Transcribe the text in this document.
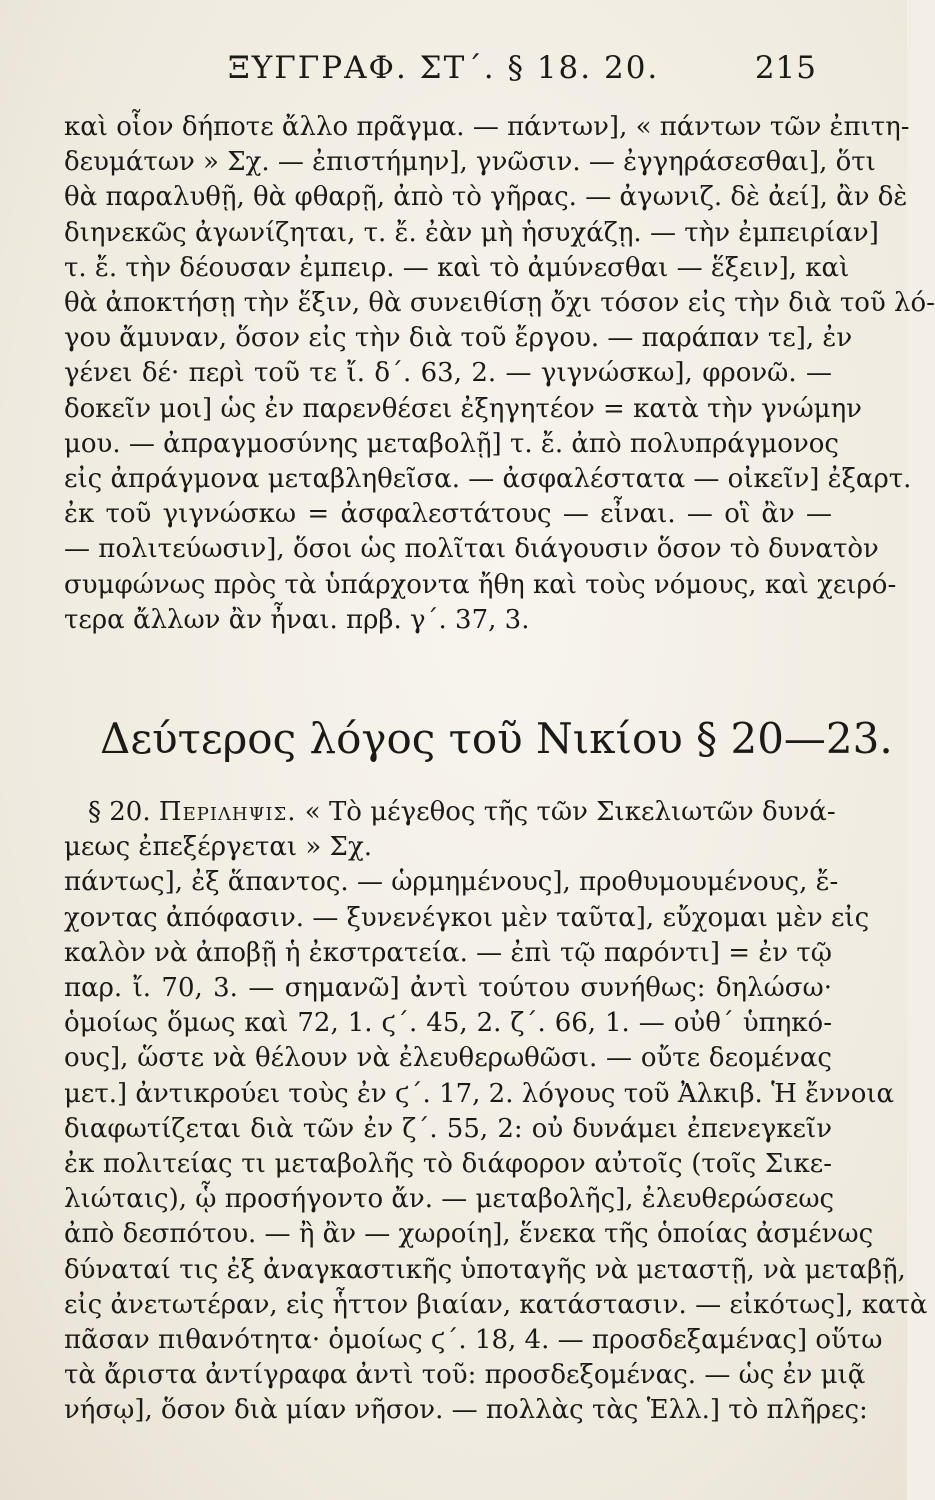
ΞΥΓΓΡΑΦ. ΣΤ΄. § 18. 20.	215
καὶ οἷον δήποτε ἄλλο πρᾶγμα. — πάντων], « πάντων τῶν ἐπιτη-
δευμάτων » Σχ. — ἐπιστήμην], γνῶσιν. — ἐγγηράσεσθαι], ὅτι
θὰ παραλυθῇ, θὰ φθαρῇ, ἀπὸ τὸ γῆρας. — ἀγωνιζ. δὲ ἀεί], ἂν δὲ
διηνεκῶς ἀγωνίζηται, τ. ἔ. ἐὰν μὴ ἡσυχάζῃ. — τὴν ἐμπειρίαν]
τ. ἔ. τὴν δέουσαν ἐμπειρ. — καὶ τὸ ἀμύνεσθαι — ἕξειν], καὶ
θὰ ἀποκτήσῃ τὴν ἕξιν, θὰ συνειθίσῃ ὄχι τόσον εἰς τὴν διὰ τοῦ λό-
γου ἄμυναν, ὅσον εἰς τὴν διὰ τοῦ ἔργου. — παράπαν τε], ἐν
γένει δέ· περὶ τοῦ τε ἴ. δ΄. 63, 2. — γιγνώσκω], φρονῶ. —
δοκεῖν μοι] ὡς ἐν παρενθέσει ἐξηγητέον = κατὰ τὴν γνώμην
μου. — ἀπραγμοσύνης μεταβολῇ] τ. ἔ. ἀπὸ πολυπράγμονος
εἰς ἀπράγμονα μεταβληθεῖσα. — ἀσφαλέστατα — οἰκεῖν] ἐξαρτ.
ἐκ τοῦ γιγνώσκω = ἀσφαλεστάτους — εἶναι. — οἳ ἂν —
— πολιτεύωσιν], ὅσοι ὡς πολῖται διάγουσιν ὅσον τὸ δυνατὸν
συμφώνως πρὸς τὰ ὑπάρχοντα ἤθη καὶ τοὺς νόμους, καὶ χειρό-
τερα ἄλλων ἂν ἦναι. πρβ. γ΄. 37, 3.
Δεύτερος λόγος τοῦ Νικίου § 20—23.
§ 20. Περιληψις. « Τὸ μέγεθος τῆς τῶν Σικελιωτῶν δυνά-
μεως ἐπεξέργεται » Σχ.
πάντως], ἐξ ἅπαντος. — ὡρμημένους], προθυμουμένους, ἔ-
χοντας ἀπόφασιν. — ξυνενέγκοι μὲν ταῦτα], εὔχομαι μὲν εἰς
καλὸν νὰ ἀποβῇ ἡ ἐκστρατεία. — ἐπὶ τῷ παρόντι] = ἐν τῷ
παρ. ἴ. 70, 3. — σημανῶ] ἀντὶ τούτου συνήθως: δηλώσω·
ὁμοίως ὅμως καὶ 72, 1. ϛ΄. 45, 2. ζ΄. 66, 1. — οὐθ΄ ὑπηκό-
ους], ὥστε νὰ θέλουν νὰ ἐλευθερωθῶσι. — οὔτε δεομένας
μετ.] ἀντικρούει τοὺς ἐν ϛ΄. 17, 2. λόγους τοῦ Ἀλκιβ. Ἡ ἔννοια
διαφωτίζεται διὰ τῶν ἐν ζ΄. 55, 2: οὐ δυνάμει ἐπενεγκεῖν
ἐκ πολιτείας τι μεταβολῆς τὸ διάφορον αὐτοῖς (τοῖς Σικε-
λιώταις), ᾧ προσήγοντο ἄν. — μεταβολῆς], ἐλευθερώσεως
ἀπὸ δεσπότου. — ἢ ἂν — χωροίη], ἕνεκα τῆς ὁποίας ἀσμένως
δύναταί τις ἐξ ἀναγκαστικῆς ὑποταγῆς νὰ μεταστῇ, νὰ μεταβῇ,
εἰς ἀνετωτέραν, εἰς ἧττον βιαίαν, κατάστασιν. — εἰκότως], κατὰ
πᾶσαν πιθανότητα· ὁμοίως ϛ΄. 18, 4. — προσδεξαμένας] οὕτω
τὰ ἄριστα ἀντίγραφα ἀντὶ τοῦ: προσδεξομένας. — ὡς ἐν μιᾷ
νήσῳ], ὅσον διὰ μίαν νῆσον. — πολλὰς τὰς Ἑλλ.] τὸ πλῆρες:
